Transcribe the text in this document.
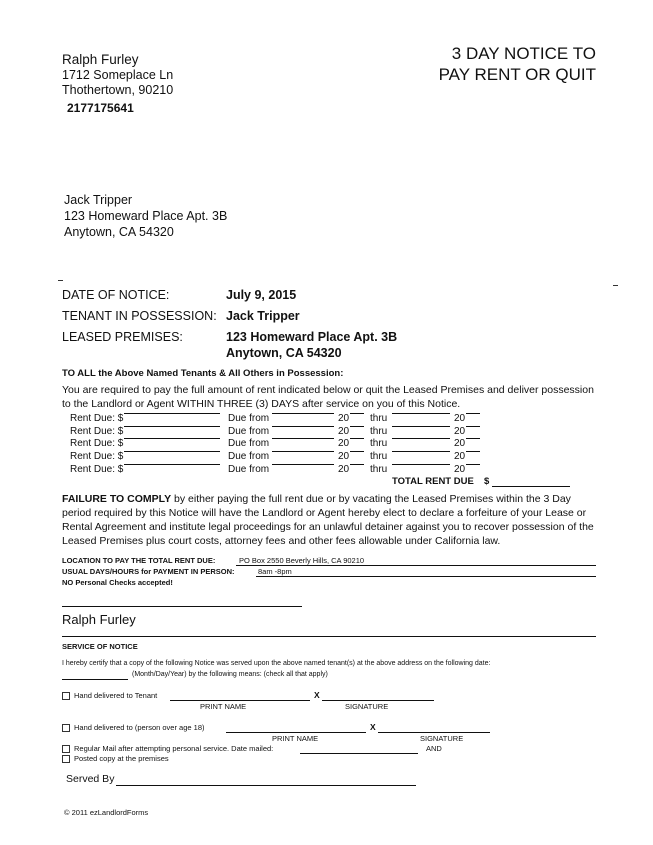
Ralph Furley
1712 Someplace Ln
Thothertown, 90210
2177175641
3 DAY NOTICE TO
PAY RENT OR QUIT
Jack Tripper
123 Homeward Place Apt. 3B
Anytown, CA 54320
DATE OF NOTICE:	July 9, 2015
TENANT IN POSSESSION: Jack Tripper
LEASED PREMISES:	123 Homeward Place Apt. 3B
Anytown, CA 54320
TO ALL the Above Named Tenants & All Others in Possession:
You are required to pay the full amount of rent indicated below or quit the Leased Premises and deliver possession to the Landlord or Agent WITHIN THREE (3) DAYS after service on you of this Notice.
Rent Due: $	Due from	20 thru	20
Rent Due: $	Due from	20 thru	20
Rent Due: $	Due from	20 thru	20
Rent Due: $	Due from	20 thru	20
Rent Due: $	Due from	20 thru	20
TOTAL RENT DUE $
FAILURE TO COMPLY by either paying the full rent due or by vacating the Leased Premises within the 3 Day period required by this Notice will have the Landlord or Agent hereby elect to declare a forfeiture of your Lease or Rental Agreement and institute legal proceedings for an unlawful detainer against you to recover possession of the Leased Premises plus court costs, attorney fees and other fees allowable under California law.
LOCATION TO PAY THE TOTAL RENT DUE:	PO Box 2550 Beverly Hills, CA 90210
USUAL DAYS/HOURS for PAYMENT IN PERSON:	8am -8pm
NO Personal Checks accepted!
Ralph Furley
SERVICE OF NOTICE
I hereby certify that a copy of the following Notice was served upon the above named tenant(s) at the above address on the following date:
(Month/Day/Year) by the following means: (check all that apply)
Hand delivered to Tenant	X
PRINT NAME	SIGNATURE
Hand delivered to (person over age 18)	X
PRINT NAME	SIGNATURE
Regular Mail after attempting personal service. Date mailed:	AND
Posted copy at the premises
Served By
© 2011 ezLandlordForms
